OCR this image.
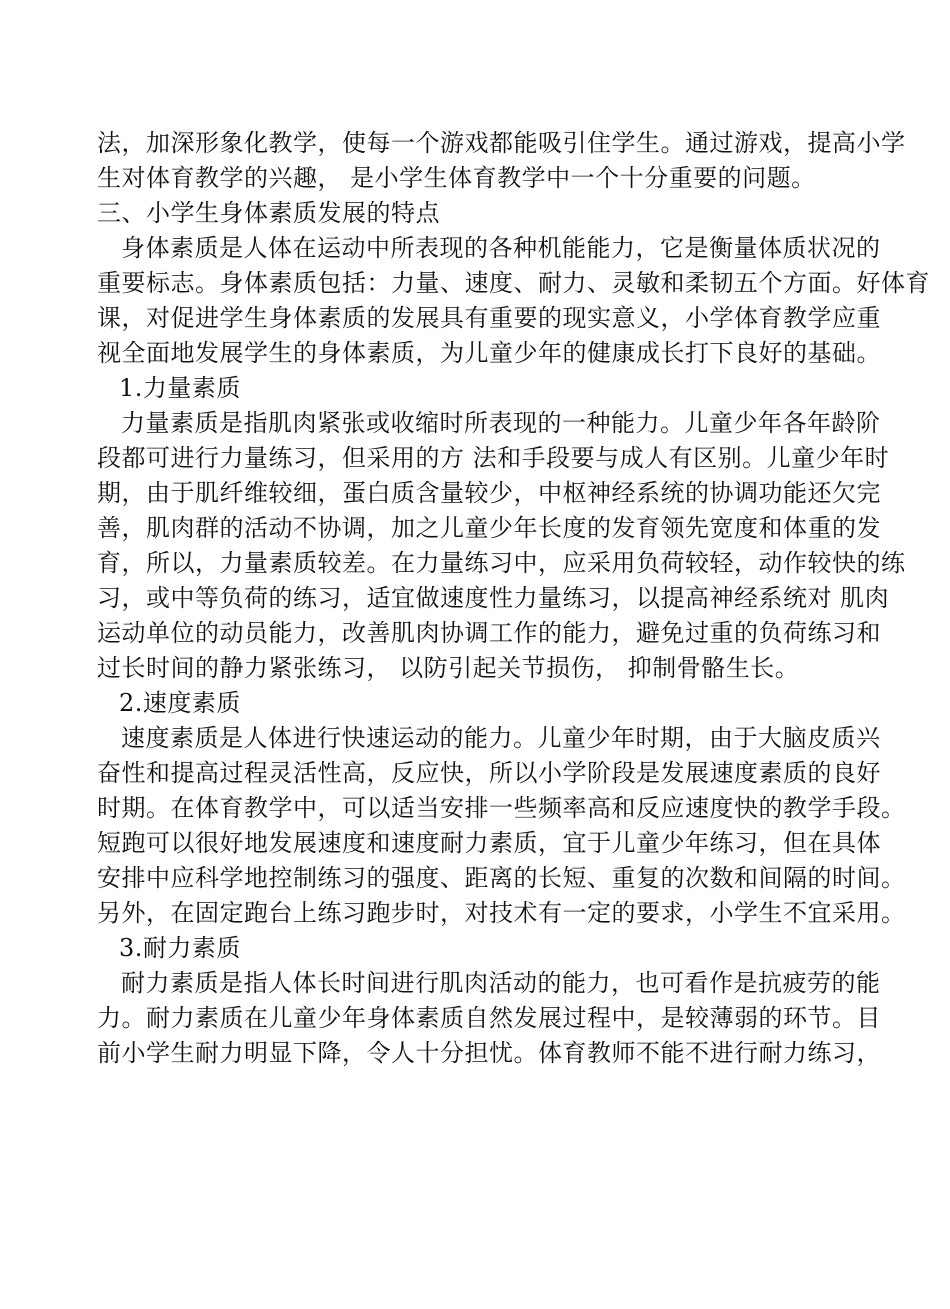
法，加深形象化教学，使每一个游戏都能吸引住学生。通过游戏，提高小学
生对体育教学的兴趣， 是小学生体育教学中一个十分重要的问题。
三、小学生身体素质发展的特点
身体素质是人体在运动中所表现的各种机能能力，它是衡量体质状况的
重要标志。身体素质包括：力量、速度、耐力、灵敏和柔韧五个方面。好体育
课，对促进学生身体素质的发展具有重要的现实意义，小学体育教学应重
视全面地发展学生的身体素质，为儿童少年的健康成长打下良好的基础。
1.力量素质
力量素质是指肌肉紧张或收缩时所表现的一种能力。儿童少年各年龄阶
段都可进行力量练习，但采用的方 法和手段要与成人有区别。儿童少年时
期，由于肌纤维较细，蛋白质含量较少，中枢神经系统的协调功能还欠完
善，肌肉群的活动不协调，加之儿童少年长度的发育领先宽度和体重的发
育，所以，力量素质较差。在力量练习中，应采用负荷较轻，动作较快的练
习，或中等负荷的练习，适宜做速度性力量练习，以提高神经系统对 肌肉
运动单位的动员能力，改善肌肉协调工作的能力，避免过重的负荷练习和
过长时间的静力紧张练习， 以防引起关节损伤， 抑制骨骼生长。
2.速度素质
速度素质是人体进行快速运动的能力。儿童少年时期，由于大脑皮质兴
奋性和提高过程灵活性高，反应快，所以小学阶段是发展速度素质的良好
时期。在体育教学中，可以适当安排一些频率高和反应速度快的教学手段。
短跑可以很好地发展速度和速度耐力素质，宜于儿童少年练习，但在具体
安排中应科学地控制练习的强度、距离的长短、重复的次数和间隔的时间。
另外，在固定跑台上练习跑步时，对技术有一定的要求，小学生不宜采用。
3.耐力素质
耐力素质是指人体长时间进行肌肉活动的能力，也可看作是抗疲劳的能
力。耐力素质在儿童少年身体素质自然发展过程中，是较薄弱的环节。目
前小学生耐力明显下降，令人十分担忧。体育教师不能不进行耐力练习，
